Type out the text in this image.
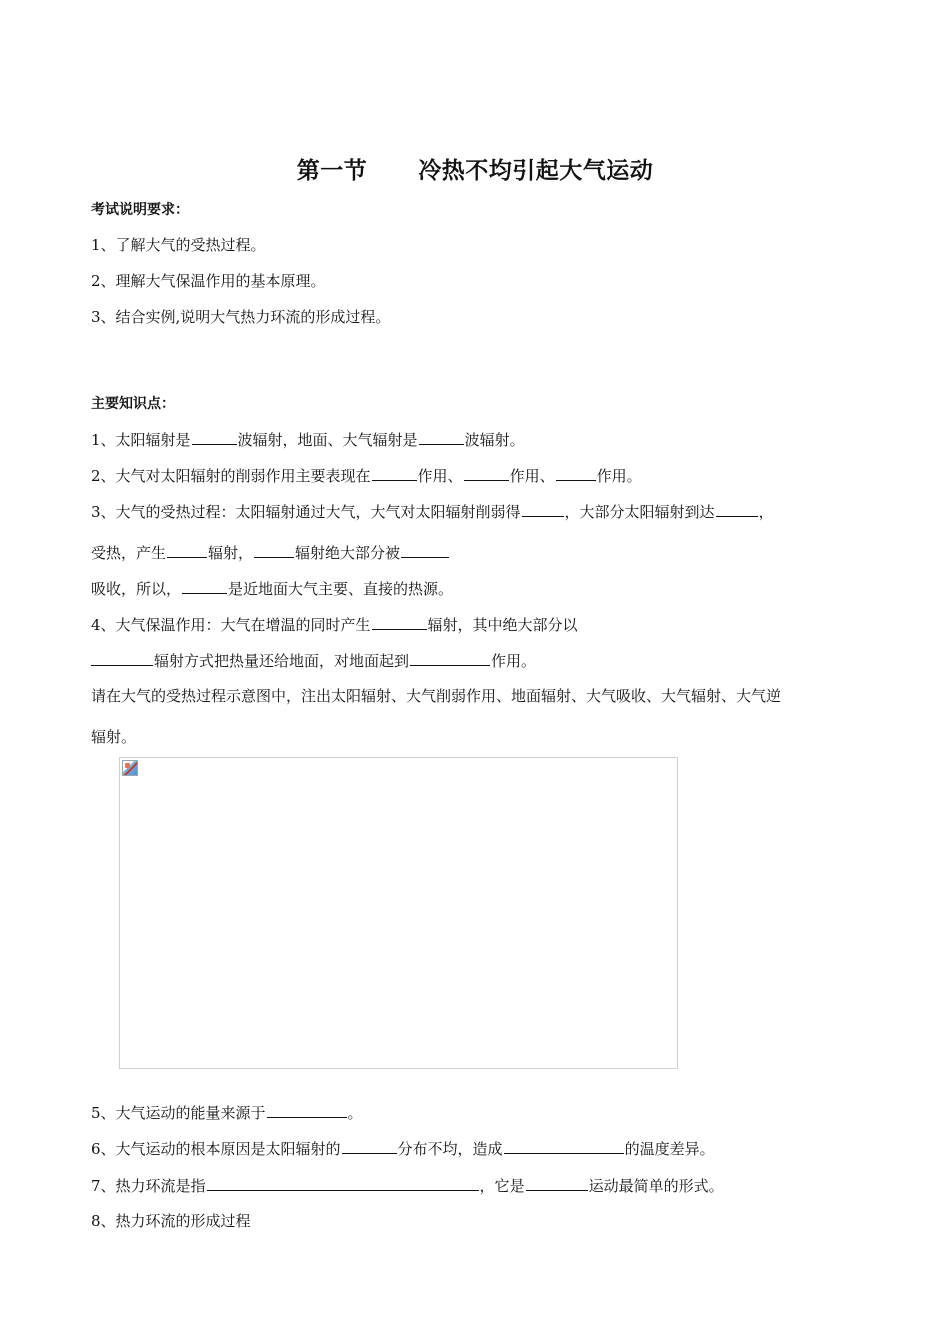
第一节      冷热不均引起大气运动
考试说明要求：
1、了解大气的受热过程。
2、理解大气保温作用的基本原理。
3、结合实例,说明大气热力环流的形成过程。
主要知识点：
1、太阳辐射是	波辐射，地面、大气辐射是	波辐射。
2、大气对太阳辐射的削弱作用主要表现在	作用、	作用、	作用。
3、大气的受热过程：太阳辐射通过大气，大气对太阳辐射削弱得	，大部分太阳辐射到达	，
受热，产生	辐射，	辐射绝大部分被
吸收，所以，	是近地面大气主要、直接的热源。
4、大气保温作用：大气在增温的同时产生	辐射，其中绝大部分以
辐射方式把热量还给地面，对地面起到	作用。
请在大气的受热过程示意图中，注出太阳辐射、大气削弱作用、地面辐射、大气吸收、大气辐射、大气逆
辐射。
5、大气运动的能量来源于	。
6、大气运动的根本原因是太阳辐射的	分布不均，造成	的温度差异。
7、热力环流是指	，它是	运动最简单的形式。
8、热力环流的形成过程
